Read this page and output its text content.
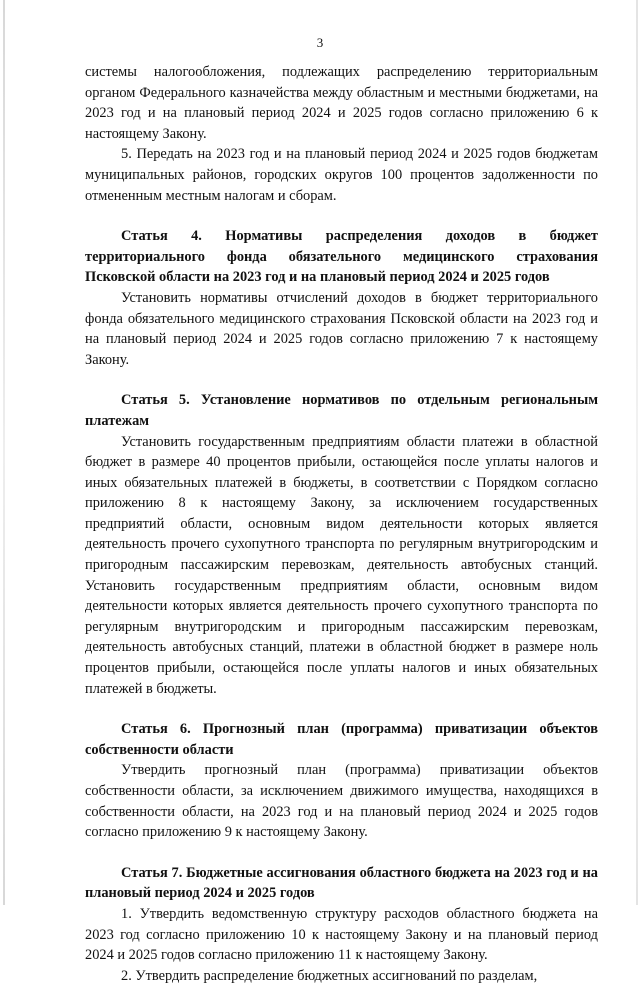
3

системы налогообложения, подлежащих распределению территориальным органом Федерального казначейства между областным и местными бюджетами, на 2023 год и на плановый период 2024 и 2025 годов согласно приложению 6 к настоящему Закону.

5. Передать на 2023 год и на плановый период 2024 и 2025 годов бюджетам муниципальных районов, городских округов 100 процентов задолженности по отмененным местным налогам и сборам.

Статья 4. Нормативы распределения доходов в бюджет территориального фонда обязательного медицинского страхования Псковской области на 2023 год и на плановый период 2024 и 2025 годов

Установить нормативы отчислений доходов в бюджет территориального фонда обязательного медицинского страхования Псковской области на 2023 год и на плановый период 2024 и 2025 годов согласно приложению 7 к настоящему Закону.

Статья 5. Установление нормативов по отдельным региональным платежам

Установить государственным предприятиям области платежи в областной бюджет в размере 40 процентов прибыли, остающейся после уплаты налогов и иных обязательных платежей в бюджеты, в соответствии с Порядком согласно приложению 8 к настоящему Закону, за исключением государственных предприятий области, основным видом деятельности которых является деятельность прочего сухопутного транспорта по регулярным внутригородским и пригородным пассажирским перевозкам, деятельность автобусных станций. Установить государственным предприятиям области, основным видом деятельности которых является деятельность прочего сухопутного транспорта по регулярным внутригородским и пригородным пассажирским перевозкам, деятельность автобусных станций, платежи в областной бюджет в размере ноль процентов прибыли, остающейся после уплаты налогов и иных обязательных платежей в бюджеты.

Статья 6. Прогнозный план (программа) приватизации объектов собственности области

Утвердить прогнозный план (программа) приватизации объектов собственности области, за исключением движимого имущества, находящихся в собственности области, на 2023 год и на плановый период 2024 и 2025 годов согласно приложению 9 к настоящему Закону.

Статья 7. Бюджетные ассигнования областного бюджета на 2023 год и на плановый период 2024 и 2025 годов

1. Утвердить ведомственную структуру расходов областного бюджета на 2023 год согласно приложению 10 к настоящему Закону и на плановый период 2024 и 2025 годов согласно приложению 11 к настоящему Закону.

2. Утвердить распределение бюджетных ассигнований по разделам,
